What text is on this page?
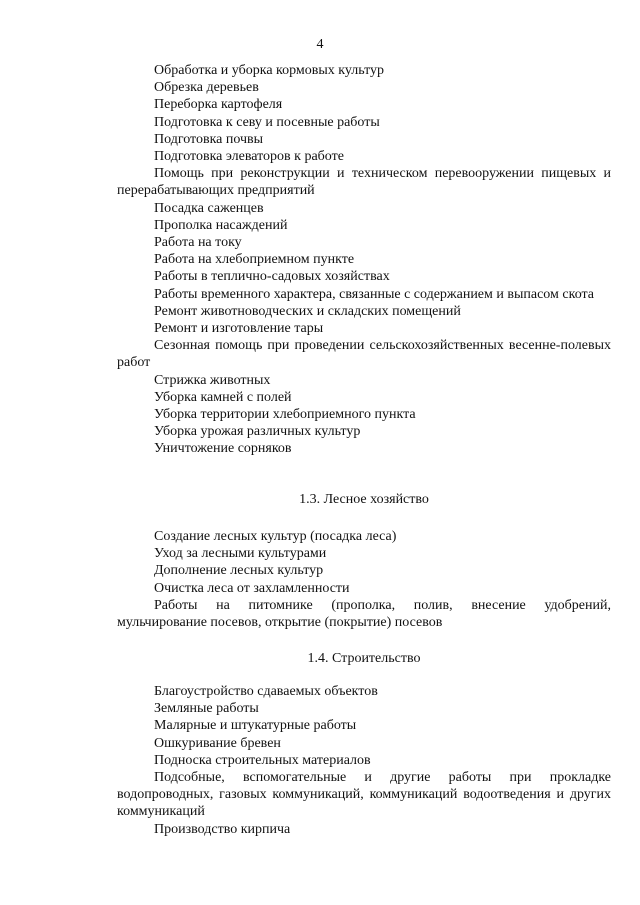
4

Обработка и уборка кормовых культур

Обрезка деревьев

Переборка картофеля

Подготовка к севу и посевные работы

Подготовка почвы

Подготовка элеваторов к работе

Помощь при реконструкции и техническом перевооружении пищевых и перерабатывающих предприятий

Посадка саженцев

Прополка насаждений

Работа на току

Работа на хлебоприемном пункте

Работы в теплично-садовых хозяйствах

Работы временного характера, связанные с содержанием и выпасом скота

Ремонт животноводческих и складских помещений

Ремонт и изготовление тары

Сезонная помощь при проведении сельскохозяйственных весенне-полевых работ

Стрижка животных

Уборка камней с полей

Уборка территории хлебоприемного пункта

Уборка урожая различных культур

Уничтожение сорняков

1.3. Лесное хозяйство

Создание лесных культур (посадка леса)

Уход за лесными культурами

Дополнение лесных культур

Очистка леса от захламленности

Работы на питомнике (прополка, полив, внесение удобрений, мульчирование посевов, открытие (покрытие) посевов

1.4. Строительство

Благоустройство сдаваемых объектов

Земляные работы

Малярные и штукатурные работы

Ошкуривание бревен

Подноска строительных материалов

Подсобные, вспомогательные и другие работы при прокладке водопроводных, газовых коммуникаций, коммуникаций водоотведения и других коммуникаций

Производство кирпича
